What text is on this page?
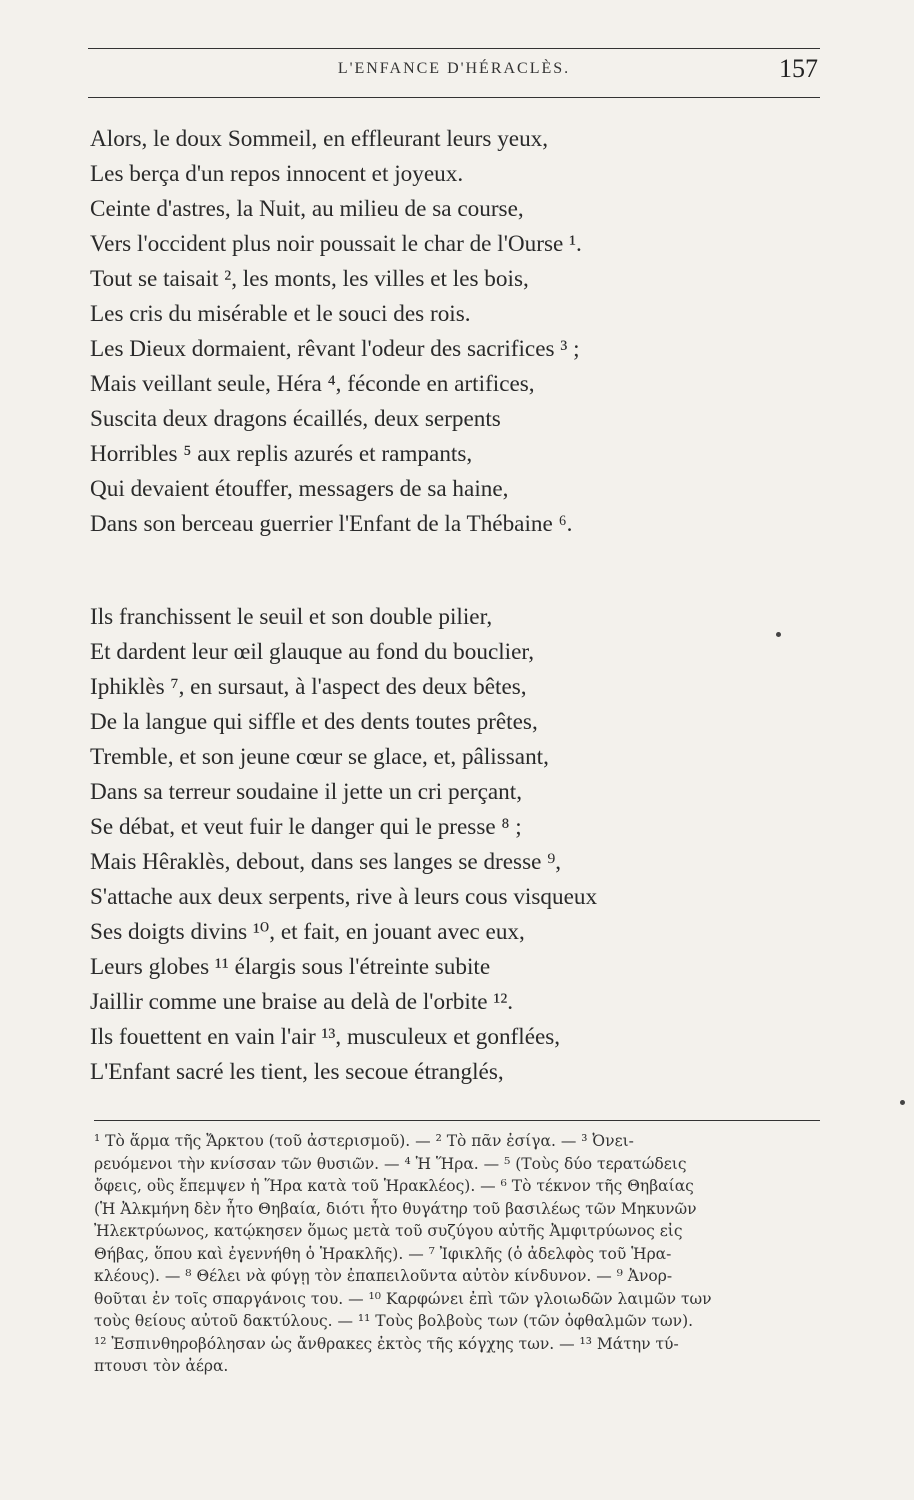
L'ENFANCE D'HÉRACLÈS.	157
Alors, le doux Sommeil, en effleurant leurs yeux,
Les berça d'un repos innocent et joyeux.
Ceinte d'astres, la Nuit, au milieu de sa course,
Vers l'occident plus noir poussait le char de l'Ourse ¹.
Tout se taisait ², les monts, les villes et les bois,
Les cris du misérable et le souci des rois.
Les Dieux dormaient, rêvant l'odeur des sacrifices ³ ;
Mais veillant seule, Héra ⁴, féconde en artifices,
Suscita deux dragons écaillés, deux serpents
Horribles ⁵ aux replis azurés et rampants,
Qui devaient étouffer, messagers de sa haine,
Dans son berceau guerrier l'Enfant de la Thébaine ⁶.
Ils franchissent le seuil et son double pilier,
Et dardent leur œil glauque au fond du bouclier,
Iphiklès ⁷, en sursaut, à l'aspect des deux bêtes,
De la langue qui siffle et des dents toutes prêtes,
Tremble, et son jeune cœur se glace, et, pâlissant,
Dans sa terreur soudaine il jette un cri perçant,
Se débat, et veut fuir le danger qui le presse ⁸ ;
Mais Hêraklès, debout, dans ses langes se dresse ⁹,
S'attache aux deux serpents, rive à leurs cous visqueux
Ses doigts divins ¹⁰, et fait, en jouant avec eux,
Leurs globes ¹¹ élargis sous l'étreinte subite
Jaillir comme une braise au delà de l'orbite ¹².
Ils fouettent en vain l'air ¹³, musculeux et gonflées,
L'Enfant sacré les tient, les secoue étranglés,
¹ Τὸ ἅρμα τῆς Ἄρκτου (τοῦ ἀστερισμοῦ). — ² Τὸ πᾶν ἐσίγα. — ³ Ὀνει-
ρευόμενοι τὴν κνίσσαν τῶν θυσιῶν. — ⁴ Ἡ Ἥρα. — ⁵ (Τοὺς δύο τερατώδεις
ὄφεις, οὓς ἔπεμψεν ἡ Ἥρα κατὰ τοῦ Ἡρακλέος). — ⁶ Τὸ τέκνον τῆς Θηβαίας
(Ἡ Ἀλκμήνη δὲν ἦτο Θηβαία, διότι ἦτο θυγάτηρ τοῦ βασιλέως τῶν Μηκυνῶν
Ἠλεκτρύωνος, κατῴκησεν ὅμως μετὰ τοῦ συζύγου αὐτῆς Ἀμφιτρύωνος εἰς
Θήβας, ὅπου καὶ ἐγεννήθη ὁ Ἡρακλῆς). — ⁷ Ἰφικλῆς (ὁ ἀδελφὸς τοῦ Ἡρα-
κλέους). — ⁸ Θέλει νὰ φύγῃ τὸν ἐπαπειλοῦντα αὐτὸν κίνδυνον. — ⁹ Ἀνορ-
θοῦται ἐν τοῖς σπαργάνοις του. — ¹⁰ Καρφώνει ἐπὶ τῶν γλοιωδῶν λαιμῶν των
τοὺς θείους αὐτοῦ δακτύλους. — ¹¹ Τοὺς βολβοὺς των (τῶν ὀφθαλμῶν των).
¹² Ἐσπινθηροβόλησαν ὡς ἄνθρακες ἐκτὸς τῆς κόγχης των. — ¹³ Μάτην τύ-
πτουσι τὸν ἀέρα.
